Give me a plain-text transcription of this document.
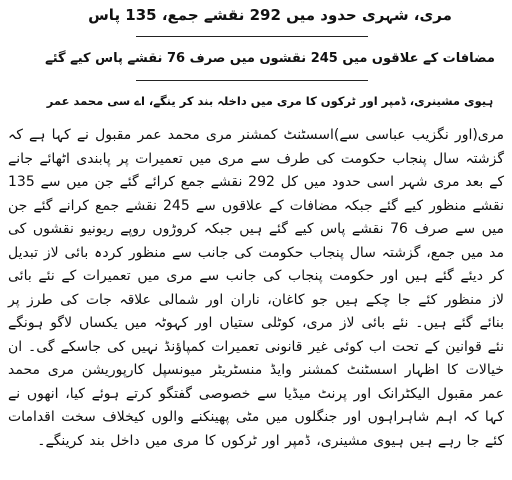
مری، شہری حدود میں 292 نقشے جمع، 135 پاس
مضافات کے علاقوں میں 245 نقشوں میں صرف 76 نقشے پاس کیے گئے
ہیوی مشینری، ڈمپر اور ٹرکوں کا مری میں داخلہ بند کر ینگے، اے سی محمد عمر
مری(اور نگزیب عباسی سے)اسسٹنٹ کمشنر مری محمد عمر مقبول نے کہا ہے کہ گزشتہ سال پنجاب حکومت کی طرف سے مری میں تعمیرات پر پابندی اٹھائے جانے کے بعد مری شہر اسی حدود میں کل 292 نقشے جمع کرائے گئے جن میں سے 135 نقشے منظور کیے گئے جبکہ مضافات کے علاقوں سے 245 نقشے جمع کرانے گئے جن میں سے صرف 76 نقشے پاس کیے گئے ہیں جبکہ کروڑوں روپے ریونیو نقشوں کی مد میں جمع، گزشتہ سال پنجاب حکومت کی جانب سے منظور کردہ بائی لاز تبدیل کر دیئے گئے ہیں اور حکومت پنجاب کی جانب سے مری میں تعمیرات کے نئے بائی لاز منظور کئے جا چکے ہیں جو کاغان، ناران اور شمالی علاقہ جات کی طرز پر بنائے گئے ہیں۔ نئے بائی لاز مری، کوٹلی ستیاں اور کہوٹہ میں یکساں لاگو ہونگے نئے قوانین کے تحت اب کوئی غیر قانونی تعمیرات کمپاؤنڈ نہیں کی جاسکے گی۔ ان خیالات کا اظہار اسسٹنٹ کمشنر وایڈ منسٹریٹر میونسپل کارپوریشن مری محمد عمر مقبول الیکٹرانک اور پرنٹ میڈیا سے خصوصی گفتگو کرتے ہوئے کیا، انھوں نے کہا کہ اہم شاہراہوں اور جنگلوں میں مٹی پھینکنے والوں کیخلاف سخت اقدامات کئے جا رہے ہیں ہیوی مشینری، ڈمپر اور ٹرکوں کا مری میں داخل بند کرینگے۔
